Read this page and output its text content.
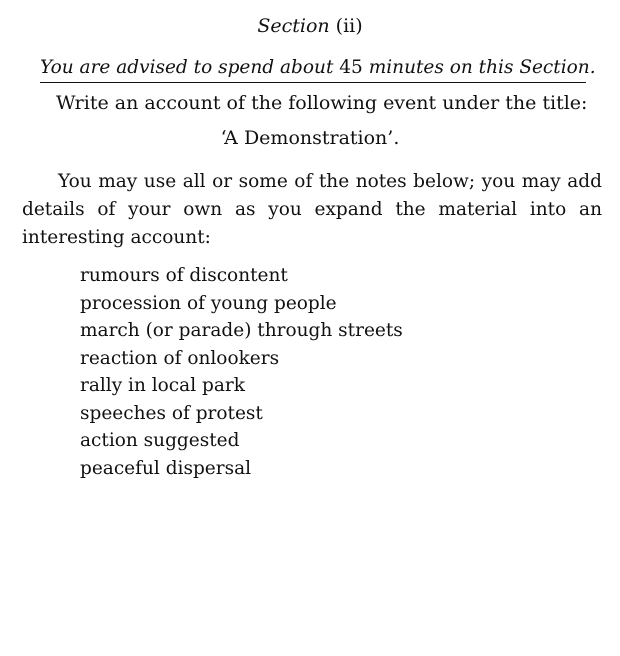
Section (ii)
You are advised to spend about 45 minutes on this Section.
Write an account of the following event under the title:
‘A Demonstration’.
You may use all or some of the notes below; you may add details of your own as you expand the material into an interesting account:
rumours of discontent
procession of young people
march (or parade) through streets
reaction of onlookers
rally in local park
speeches of protest
action suggested
peaceful dispersal
